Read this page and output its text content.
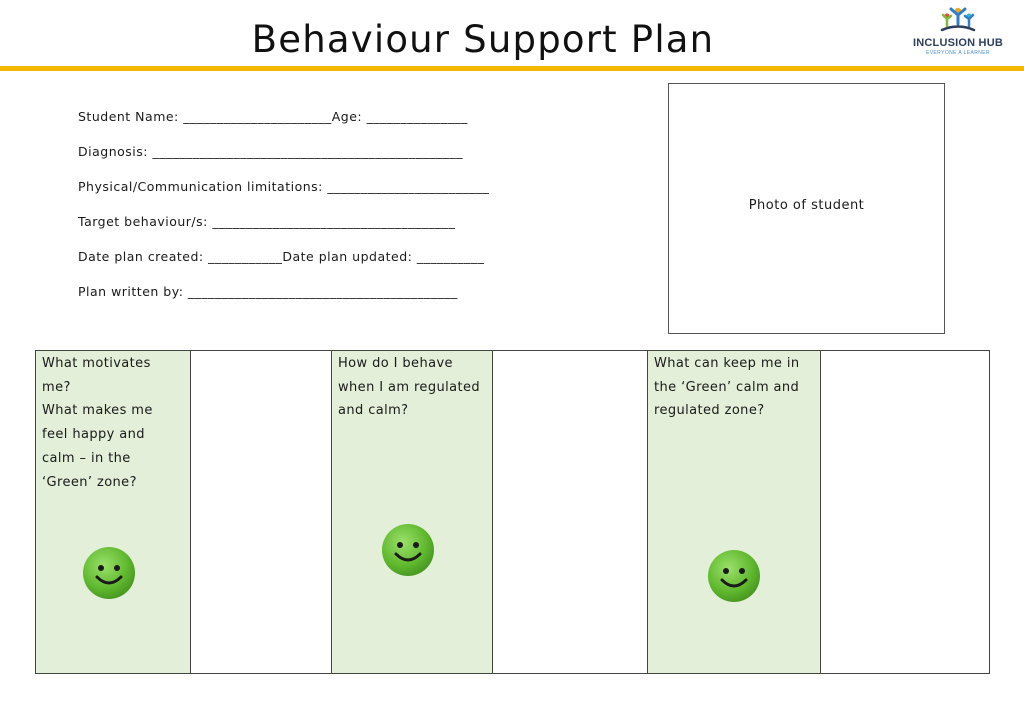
Behaviour Support Plan	INCLUSION HUB
EVERYONE A LEARNER
Student Name: ______________________Age: _______________
Diagnosis: ______________________________________________
Physical/Communication limitations: ________________________
Target behaviour/s: ____________________________________
Date plan created: ___________Date plan updated: __________
Plan written by: ________________________________________
Photo of student
What motivates
me?
What makes me
feel happy and
calm – in the
‘Green’ zone?
How do I behave
when I am regulated
and calm?
What can keep me in
the ‘Green’ calm and
regulated zone?
